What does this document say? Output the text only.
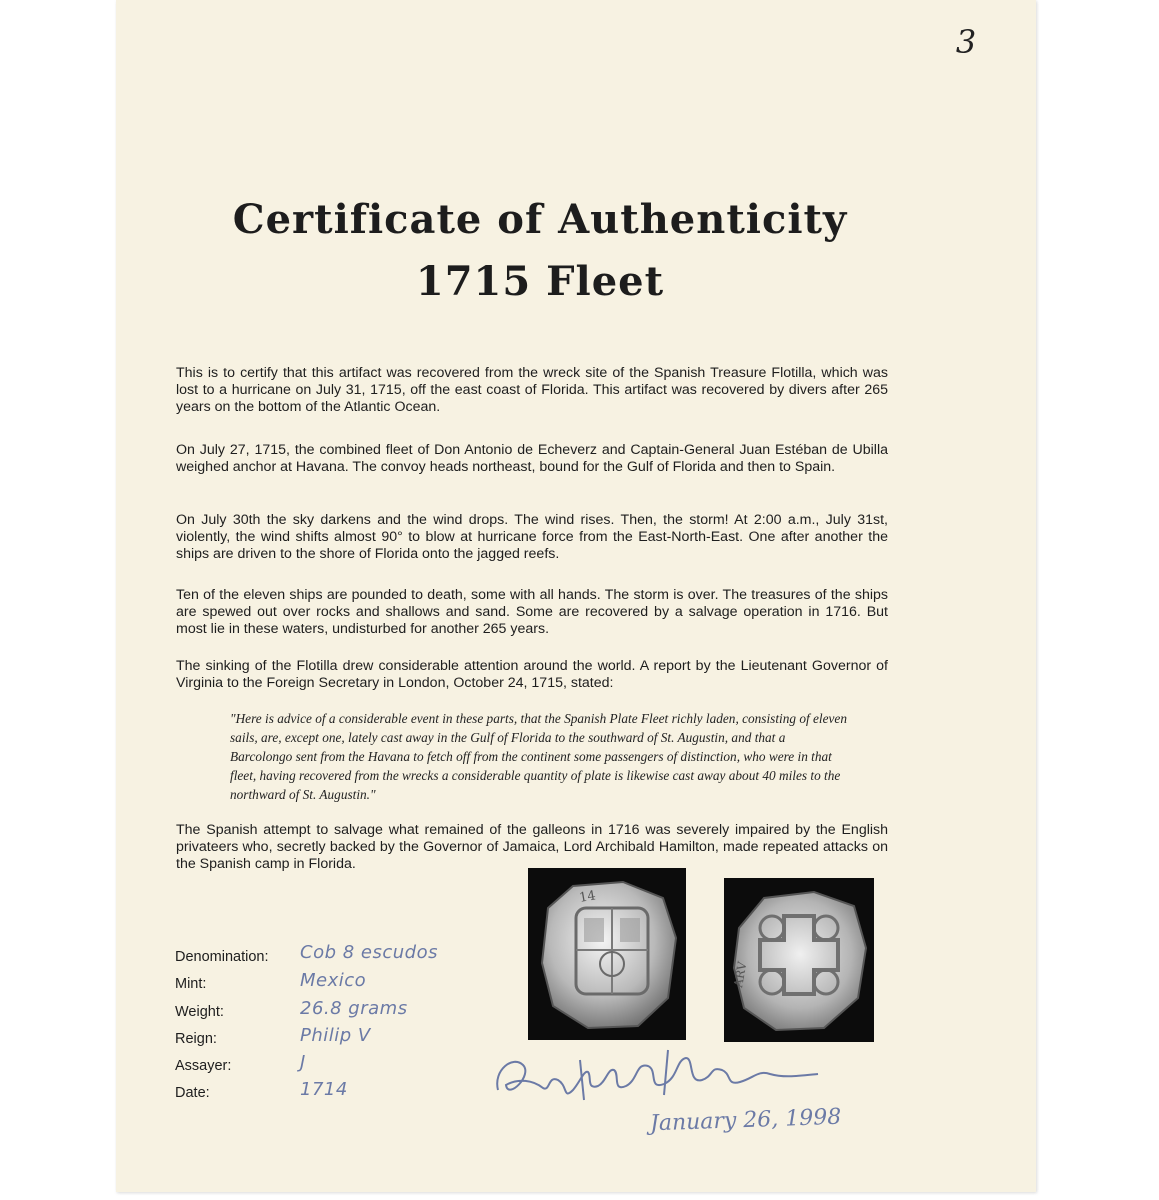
3
Certificate of Authenticity
1715 Fleet
This is to certify that this artifact was recovered from the wreck site of the Spanish Treasure Flotilla, which was lost to a hurricane on July 31, 1715, off the east coast of Florida. This artifact was recovered by divers after 265 years on the bottom of the Atlantic Ocean.
On July 27, 1715, the combined fleet of Don Antonio de Echeverz and Captain-General Juan Estéban de Ubilla weighed anchor at Havana. The convoy heads northeast, bound for the Gulf of Florida and then to Spain.
On July 30th the sky darkens and the wind drops. The wind rises. Then, the storm! At 2:00 a.m., July 31st, violently, the wind shifts almost 90° to blow at hurricane force from the East-North-East. One after another the ships are driven to the shore of Florida onto the jagged reefs.
Ten of the eleven ships are pounded to death, some with all hands. The storm is over. The treasures of the ships are spewed out over rocks and shallows and sand. Some are recovered by a salvage operation in 1716. But most lie in these waters, undisturbed for another 265 years.
The sinking of the Flotilla drew considerable attention around the world. A report by the Lieutenant Governor of Virginia to the Foreign Secretary in London, October 24, 1715, stated:
"Here is advice of a considerable event in these parts, that the Spanish Plate Fleet richly laden, consisting of eleven sails, are, except one, lately cast away in the Gulf of Florida to the southward of St. Augustin, and that a Barcolongo sent from the Havana to fetch off from the continent some passengers of distinction, who were in that fleet, having recovered from the wrecks a considerable quantity of plate is likewise cast away about 40 miles to the northward of St. Augustin."
The Spanish attempt to salvage what remained of the galleons in 1716 was severely impaired by the English privateers who, secretly backed by the Governor of Jamaica, Lord Archibald Hamilton, made repeated attacks on the Spanish camp in Florida.
Denomination: Cob 8 escudos
Mint:	Mexico
Weight:	26.8 grams
Reign:	Philip V
Assayer:	J
Date:	1714
14
ARV
January 26, 1998
